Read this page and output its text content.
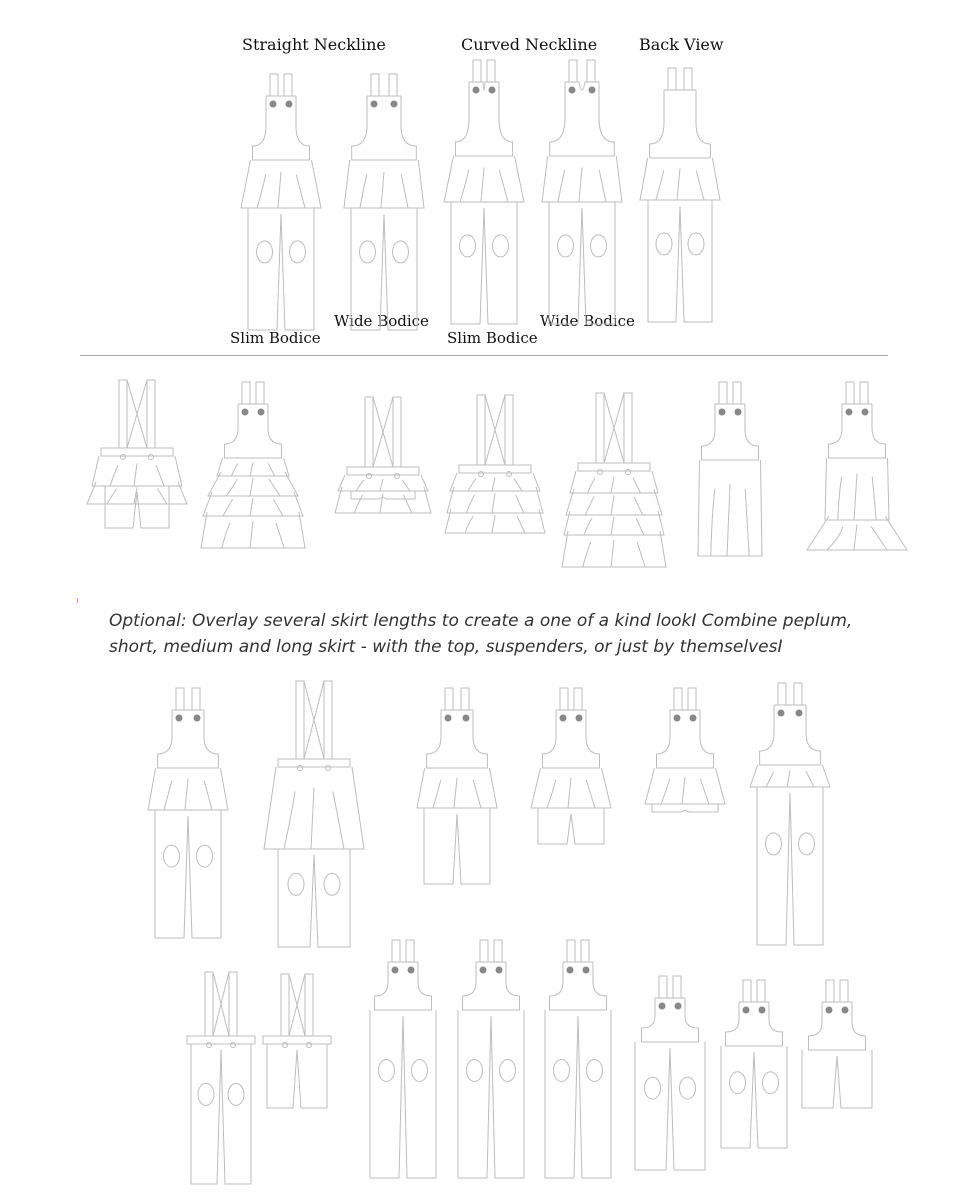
Straight Neckline	Curved Neckline	Back View
Slim Bodice
Wide Bodice
Slim Bodice
Wide Bodice
Optional: Overlay several skirt lengths to create a one of a kind lookI Combine peplum, short, medium and long skirt - with the top, suspenders, or just by themselvesI
